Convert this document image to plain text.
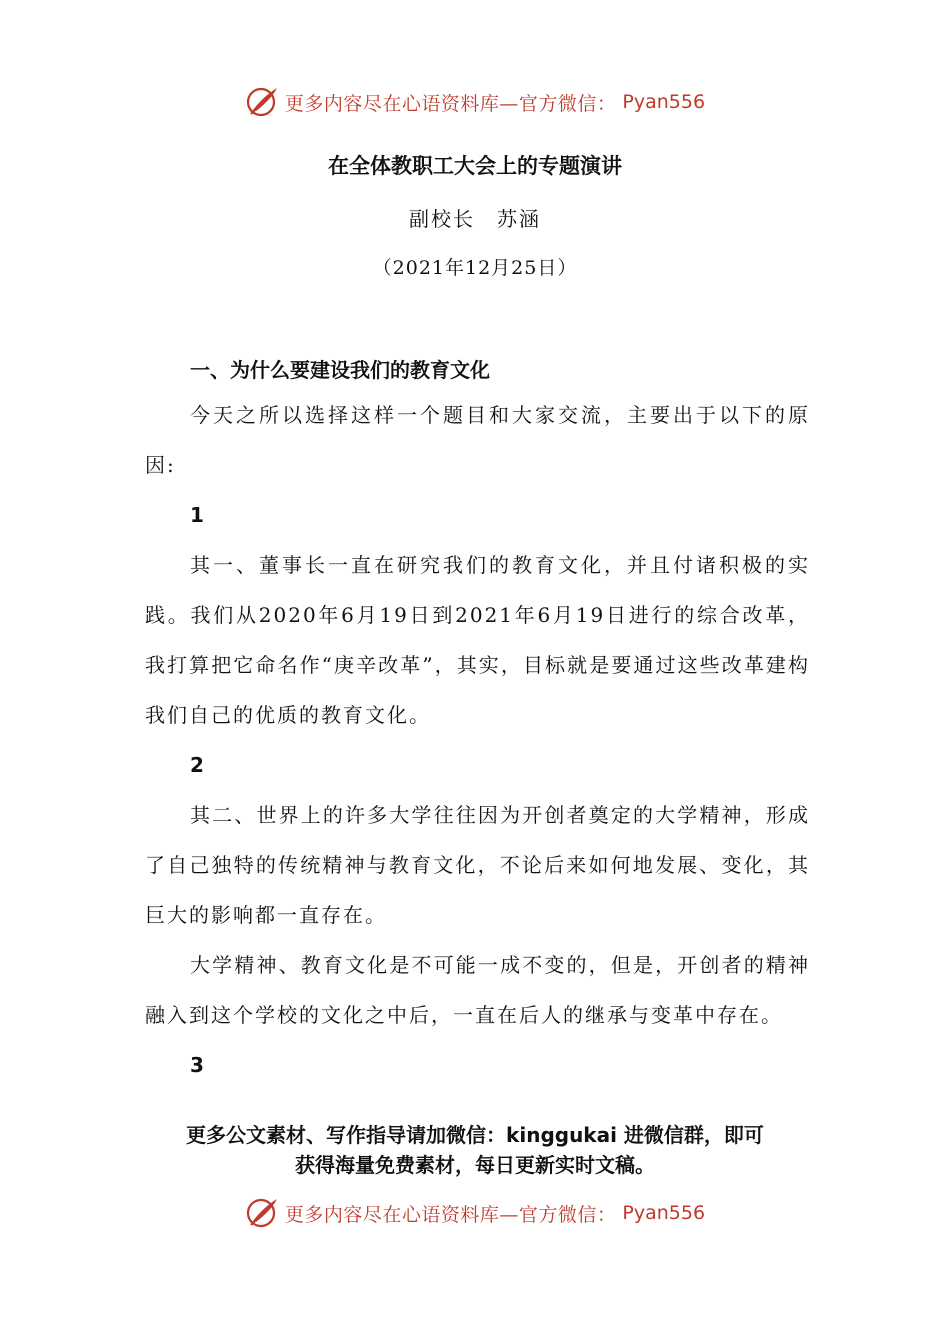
更多内容尽在心语资料库—官方微信： Pyan556
在全体教职工大会上的专题演讲
副校长　苏涵
（2021年12月25日）
一、为什么要建设我们的教育文化

今天之所以选择这样一个题目和大家交流，主要出于以下的原因:

1

其一、董事长一直在研究我们的教育文化，并且付诸积极的实践。我们从2020年6月19日到2021年6月19日进行的综合改革，我打算把它命名作“庚辛改革”，其实，目标就是要通过这些改革建构我们自己的优质的教育文化。

2

其二、世界上的许多大学往往因为开创者奠定的大学精神，形成了自己独特的传统精神与教育文化，不论后来如何地发展、变化，其巨大的影响都一直存在。

大学精神、教育文化是不可能一成不变的，但是，开创者的精神融入到这个学校的文化之中后，一直在后人的继承与变革中存在。

3
更多公文素材、写作指导请加微信：kinggukai 进微信群，即可
获得海量免费素材，每日更新实时文稿。
更多内容尽在心语资料库—官方微信： Pyan556
